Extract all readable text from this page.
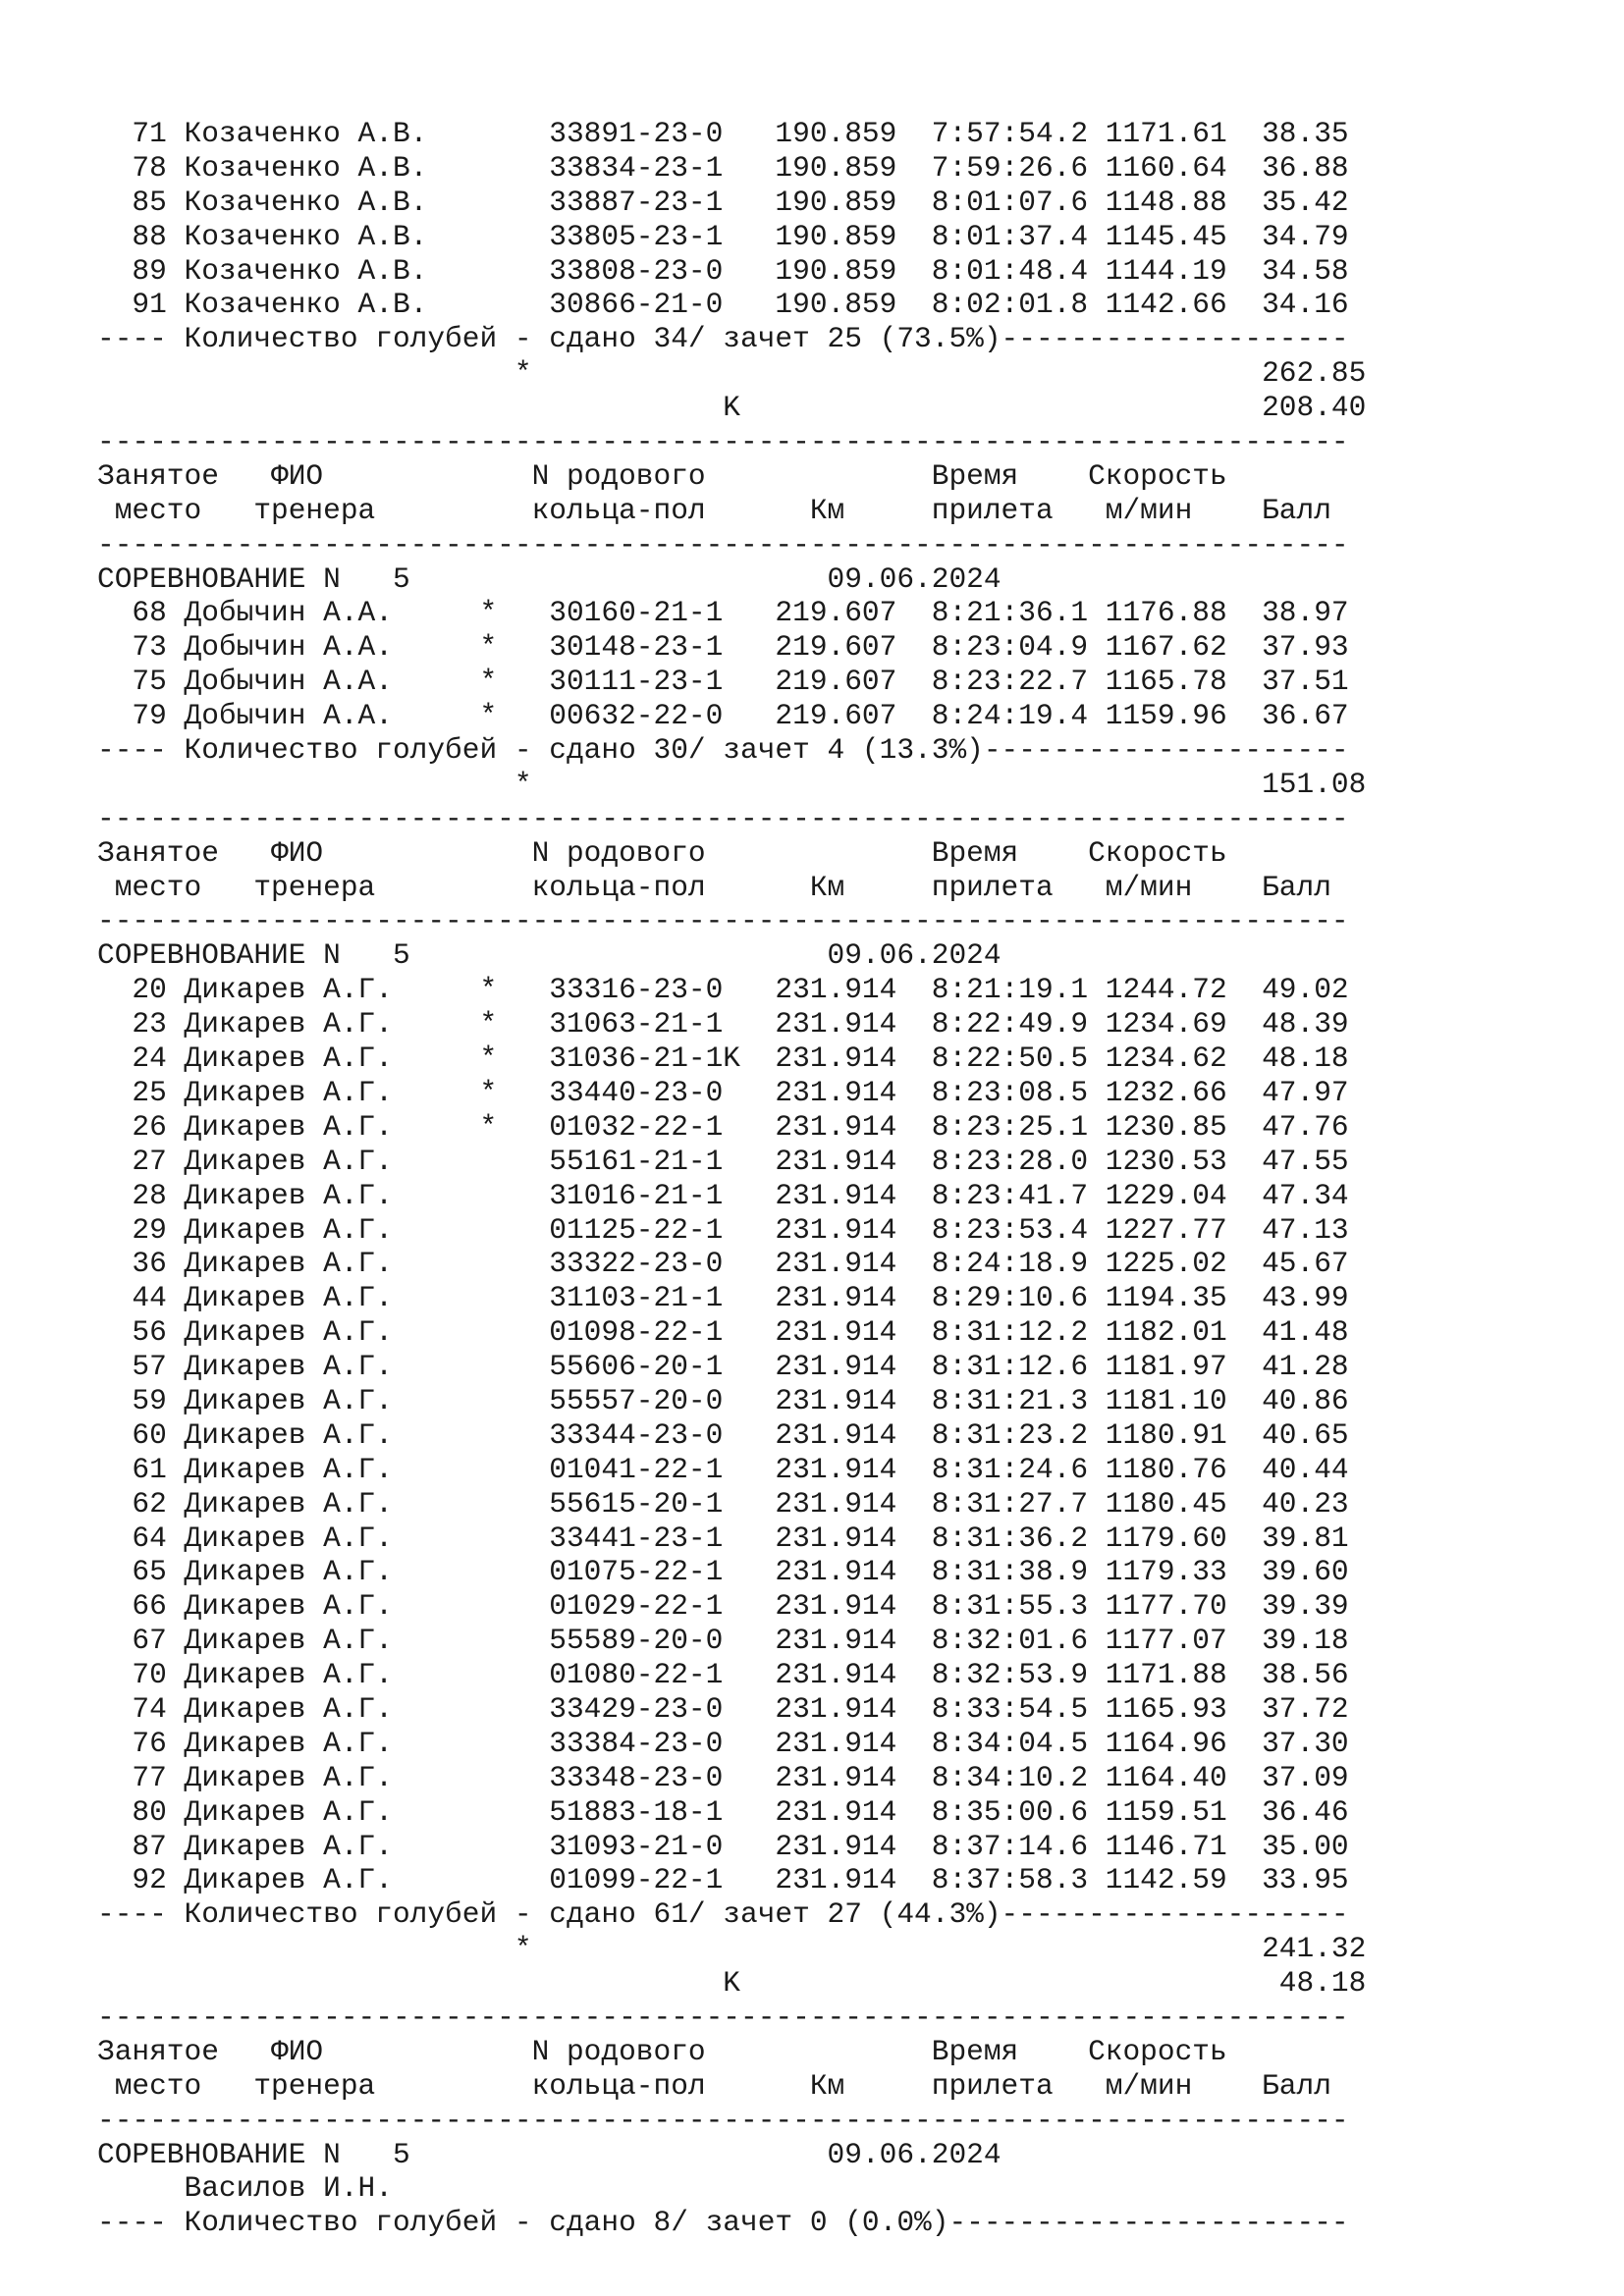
71 Козаченко А.В.       33891-23-0   190.859  7:57:54.2 1171.61  38.35
78 Козаченко А.В.       33834-23-1   190.859  7:59:26.6 1160.64  36.88
85 Козаченко А.В.       33887-23-1   190.859  8:01:07.6 1148.88  35.42
88 Козаченко А.В.       33805-23-1   190.859  8:01:37.4 1145.45  34.79
89 Козаченко А.В.       33808-23-0   190.859  8:01:48.4 1144.19  34.58
91 Козаченко А.В.       30866-21-0   190.859  8:02:01.8 1142.66  34.16
---- Количество голубей - сдано 34/ зачет 25 (73.5%)--------------------
*                                          262.85
K                              208.40
------------------------------------------------------------------------
Занятое   ФИО            N родового             Время    Скорость
место   тренера         кольца-пол      Км     прилета   м/мин    Балл
------------------------------------------------------------------------
СОРЕВНОВАНИЕ N   5                        09.06.2024
68 Добычин А.А.     *   30160-21-1   219.607  8:21:36.1 1176.88  38.97
73 Добычин А.А.     *   30148-23-1   219.607  8:23:04.9 1167.62  37.93
75 Добычин А.А.     *   30111-23-1   219.607  8:23:22.7 1165.78  37.51
79 Добычин А.А.     *   00632-22-0   219.607  8:24:19.4 1159.96  36.67
---- Количество голубей - сдано 30/ зачет 4 (13.3%)---------------------
*                                          151.08
------------------------------------------------------------------------
Занятое   ФИО            N родового             Время    Скорость
место   тренера         кольца-пол      Км     прилета   м/мин    Балл
------------------------------------------------------------------------
СОРЕВНОВАНИЕ N   5                        09.06.2024
20 Дикарев А.Г.     *   33316-23-0   231.914  8:21:19.1 1244.72  49.02
23 Дикарев А.Г.     *   31063-21-1   231.914  8:22:49.9 1234.69  48.39
24 Дикарев А.Г.     *   31036-21-1K  231.914  8:22:50.5 1234.62  48.18
25 Дикарев А.Г.     *   33440-23-0   231.914  8:23:08.5 1232.66  47.97
26 Дикарев А.Г.     *   01032-22-1   231.914  8:23:25.1 1230.85  47.76
27 Дикарев А.Г.         55161-21-1   231.914  8:23:28.0 1230.53  47.55
28 Дикарев А.Г.         31016-21-1   231.914  8:23:41.7 1229.04  47.34
29 Дикарев А.Г.         01125-22-1   231.914  8:23:53.4 1227.77  47.13
36 Дикарев А.Г.         33322-23-0   231.914  8:24:18.9 1225.02  45.67
44 Дикарев А.Г.         31103-21-1   231.914  8:29:10.6 1194.35  43.99
56 Дикарев А.Г.         01098-22-1   231.914  8:31:12.2 1182.01  41.48
57 Дикарев А.Г.         55606-20-1   231.914  8:31:12.6 1181.97  41.28
59 Дикарев А.Г.         55557-20-0   231.914  8:31:21.3 1181.10  40.86
60 Дикарев А.Г.         33344-23-0   231.914  8:31:23.2 1180.91  40.65
61 Дикарев А.Г.         01041-22-1   231.914  8:31:24.6 1180.76  40.44
62 Дикарев А.Г.         55615-20-1   231.914  8:31:27.7 1180.45  40.23
64 Дикарев А.Г.         33441-23-1   231.914  8:31:36.2 1179.60  39.81
65 Дикарев А.Г.         01075-22-1   231.914  8:31:38.9 1179.33  39.60
66 Дикарев А.Г.         01029-22-1   231.914  8:31:55.3 1177.70  39.39
67 Дикарев А.Г.         55589-20-0   231.914  8:32:01.6 1177.07  39.18
70 Дикарев А.Г.         01080-22-1   231.914  8:32:53.9 1171.88  38.56
74 Дикарев А.Г.         33429-23-0   231.914  8:33:54.5 1165.93  37.72
76 Дикарев А.Г.         33384-23-0   231.914  8:34:04.5 1164.96  37.30
77 Дикарев А.Г.         33348-23-0   231.914  8:34:10.2 1164.40  37.09
80 Дикарев А.Г.         51883-18-1   231.914  8:35:00.6 1159.51  36.46
87 Дикарев А.Г.         31093-21-0   231.914  8:37:14.6 1146.71  35.00
92 Дикарев А.Г.         01099-22-1   231.914  8:37:58.3 1142.59  33.95
---- Количество голубей - сдано 61/ зачет 27 (44.3%)--------------------
*                                          241.32
K                               48.18
------------------------------------------------------------------------
Занятое   ФИО            N родового             Время    Скорость
место   тренера         кольца-пол      Км     прилета   м/мин    Балл
------------------------------------------------------------------------
СОРЕВНОВАНИЕ N   5                        09.06.2024
Василов И.Н.
---- Количество голубей - сдано 8/ зачет 0 (0.0%)-----------------------
